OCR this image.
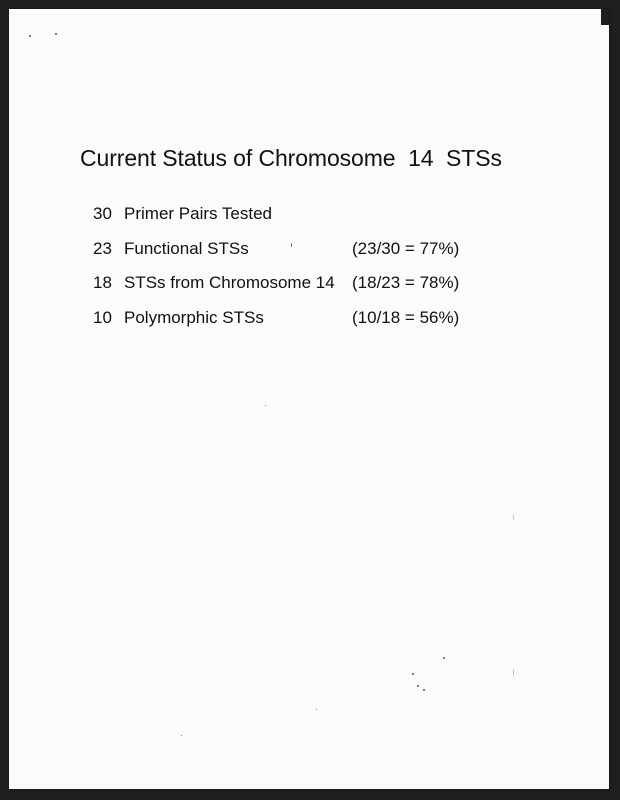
Current Status of Chromosome  14  STSs
30 Primer Pairs Tested
23 Functional STSs	(23/30 = 77%)
18 STSs from Chromosome 14 (18/23 = 78%)
10 Polymorphic STSs	(10/18 = 56%)
